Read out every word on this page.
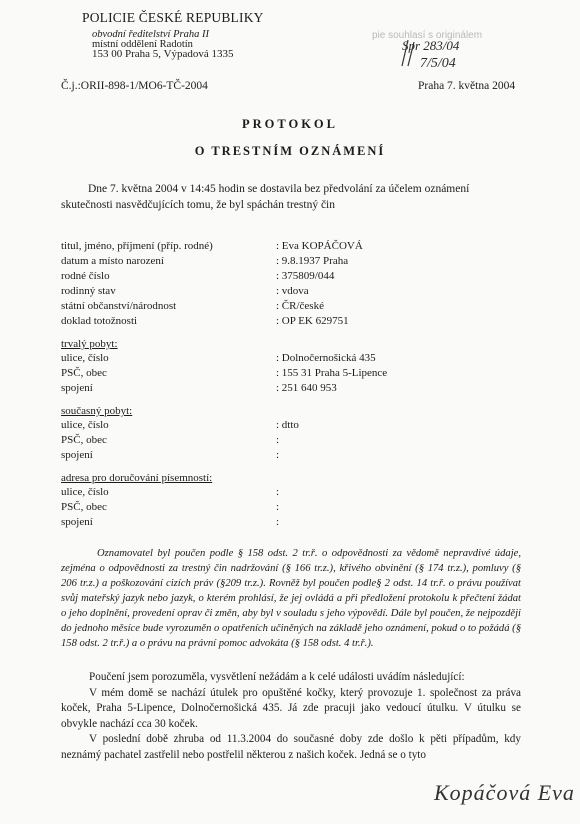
POLICIE ČESKÉ REPUBLIKY
obvodní ředitelství Praha II
místní oddělení Radotín
153 00 Praha 5, Výpadová 1335
Č.j.:ORII-898-1/MO6-TČ-2004	Praha 7. května 2004
pie souhlasí s originálem
Spr 283/04
7/5/04
PROTOKOL
O TRESTNÍM OZNÁMENÍ
Dne 7. května 2004 v 14:45 hodin se dostavila bez předvolání za účelem oznámení
skutečnosti nasvědčujících tomu, že byl spáchán trestný čin
titul, jméno, příjmení (příp. rodné)	: Eva KOPÁČOVÁ
datum a místo narození	: 9.8.1937 Praha
rodné číslo	: 375809/044
rodinný stav	: vdova
státní občanství/národnost	: ČR/české
doklad totožnosti	: OP EK 629751
trvalý pobyt:
ulice, číslo	: Dolnočernošická 435
PSČ, obec	: 155 31 Praha 5-Lipence
spojení	: 251 640 953
současný pobyt:
ulice, číslo	: dtto
PSČ, obec	:
spojení	:
adresa pro doručování písemností:
ulice, číslo	:
PSČ, obec	:
spojení	:
Oznamovatel byl poučen podle § 158 odst. 2 tr.ř. o odpovědnosti za vědomě nepravdivé údaje, zejména o odpovědnosti za trestný čin nadržování (§ 166 tr.z.), křivého obvinění (§ 174 tr.z.), pomluvy (§ 206 tr.z.) a poškozování cizích práv (§209 tr.z.). Rovněž byl poučen podle§ 2 odst. 14 tr.ř. o právu používat svůj mateřský jazyk nebo jazyk, o kterém prohlásí, že jej ovládá a při předložení protokolu k přečtení žádat o jeho doplnění, provedení oprav či změn, aby byl v souladu s jeho výpovědí. Dále byl poučen, že nejpozději do jednoho měsíce bude vyrozuměn o opatřeních učiněných na základě jeho oznámení, pokud o to požádá (§ 158 odst. 2 tr.ř.) a o právu na právní pomoc advokáta (§ 158 odst. 4 tr.ř.).

Poučení jsem porozuměla, vysvětlení nežádám a k celé události uvádím následující:

V mém domě se nachází útulek pro opuštěné kočky, který provozuje 1. společnost za práva koček, Praha 5-Lipence, Dolnočernošická 435. Já zde pracuji jako vedoucí útulku. V útulku se obvykle nachází cca 30 koček.

V poslední době zhruba od 11.3.2004 do současné doby zde došlo k pěti případům, kdy neznámý pachatel zastřelil nebo postřelil některou z našich koček. Jedná se o tyto

Kopáčová Eva
